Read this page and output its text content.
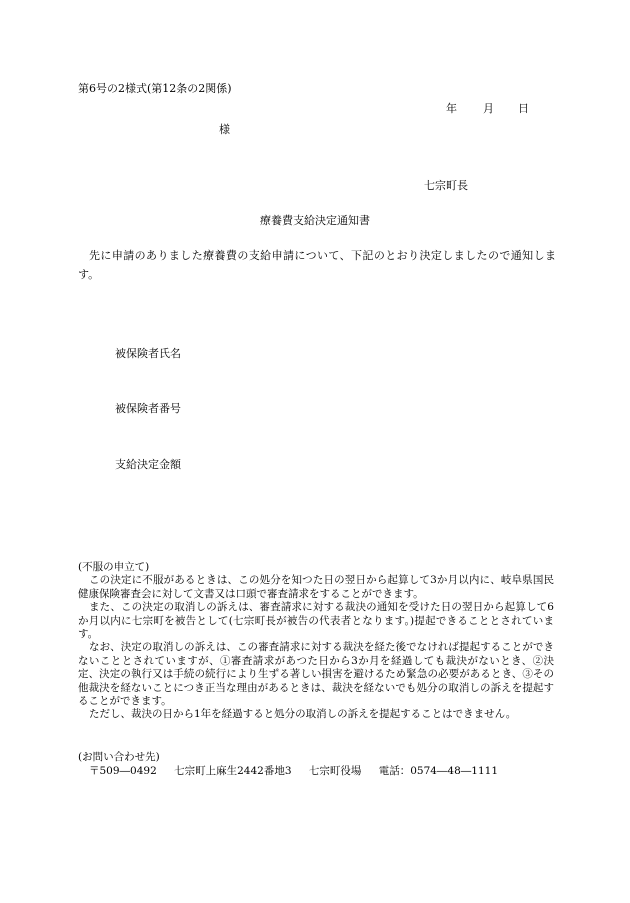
第6号の2様式(第12条の2関係)
年 月 日
様
七宗町長
療養費支給決定通知書
先に申請のありました療養費の支給申請について、下記のとおり決定しましたので通知します。
被保険者氏名
被保険者番号
支給決定金額

(不服の申立て)

この決定に不服があるときは、この処分を知つた日の翌日から起算して3か月以内に、岐阜県国民健康保険審査会に対して文書又は口頭で審査請求をすることができます。

また、この決定の取消しの訴えは、審査請求に対する裁決の通知を受けた日の翌日から起算して6か月以内に七宗町を被告として(七宗町長が被告の代表者となります。)提起できることとされています。

なお、決定の取消しの訴えは、この審査請求に対する裁決を経た後でなければ提起することができないこととされていますが、①審査請求があつた日から3か月を経過しても裁決がないとき、②決定、決定の執行又は手続の続行により生ずる著しい損害を避けるため緊急の必要があるとき、③その他裁決を経ないことにつき正当な理由があるときは、裁決を経ないでも処分の取消しの訴えを提起することができます。

ただし、裁決の日から1年を経過すると処分の取消しの訴えを提起することはできません。

(お問い合わせ先)
〒509―0492 七宗町上麻生2442番地3 七宗町役場 電話：0574―48―1111
